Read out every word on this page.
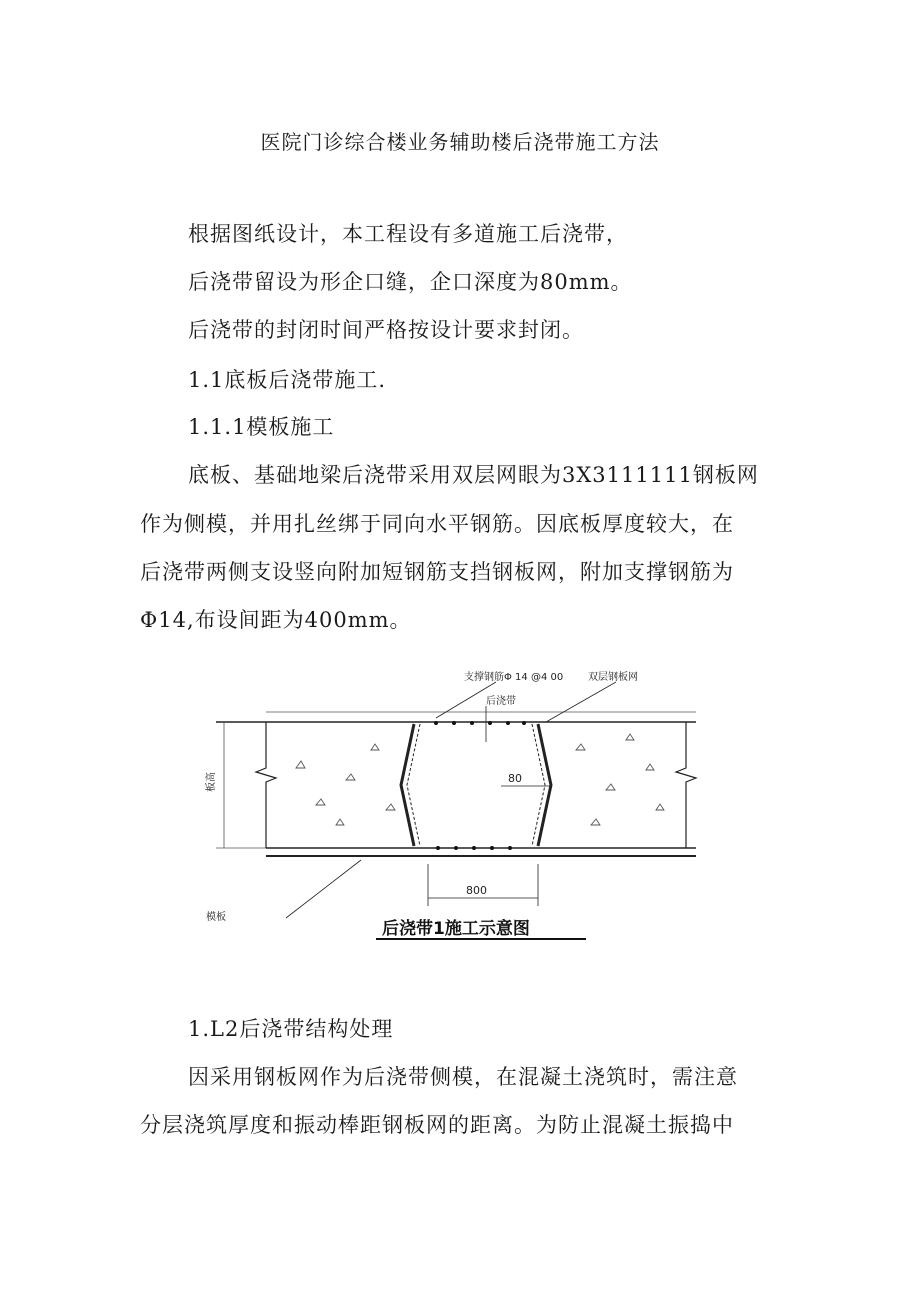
医院门诊综合楼业务辅助楼后浇带施工方法
根据图纸设计，本工程设有多道施工后浇带，
后浇带留设为形企口缝，企口深度为80mm。
后浇带的封闭时间严格按设计要求封闭。
1.1底板后浇带施工.
1.1.1模板施工
底板、基础地梁后浇带采用双层网眼为3X3111111钢板网
作为侧模，并用扎丝绑于同向水平钢筋。因底板厚度较大，在
后浇带两侧支设竖向附加短钢筋支挡钢板网，附加支撑钢筋为
Φ14,布设间距为400mm。
支撑钢筋Φ 14 @4 00 双层钢板网
后浇带
板高	80
800
模板
后浇带1施工示意图
1.L2后浇带结构处理
因采用钢板网作为后浇带侧模，在混凝土浇筑时，需注意
分层浇筑厚度和振动棒距钢板网的距离。为防止混凝土振捣中
